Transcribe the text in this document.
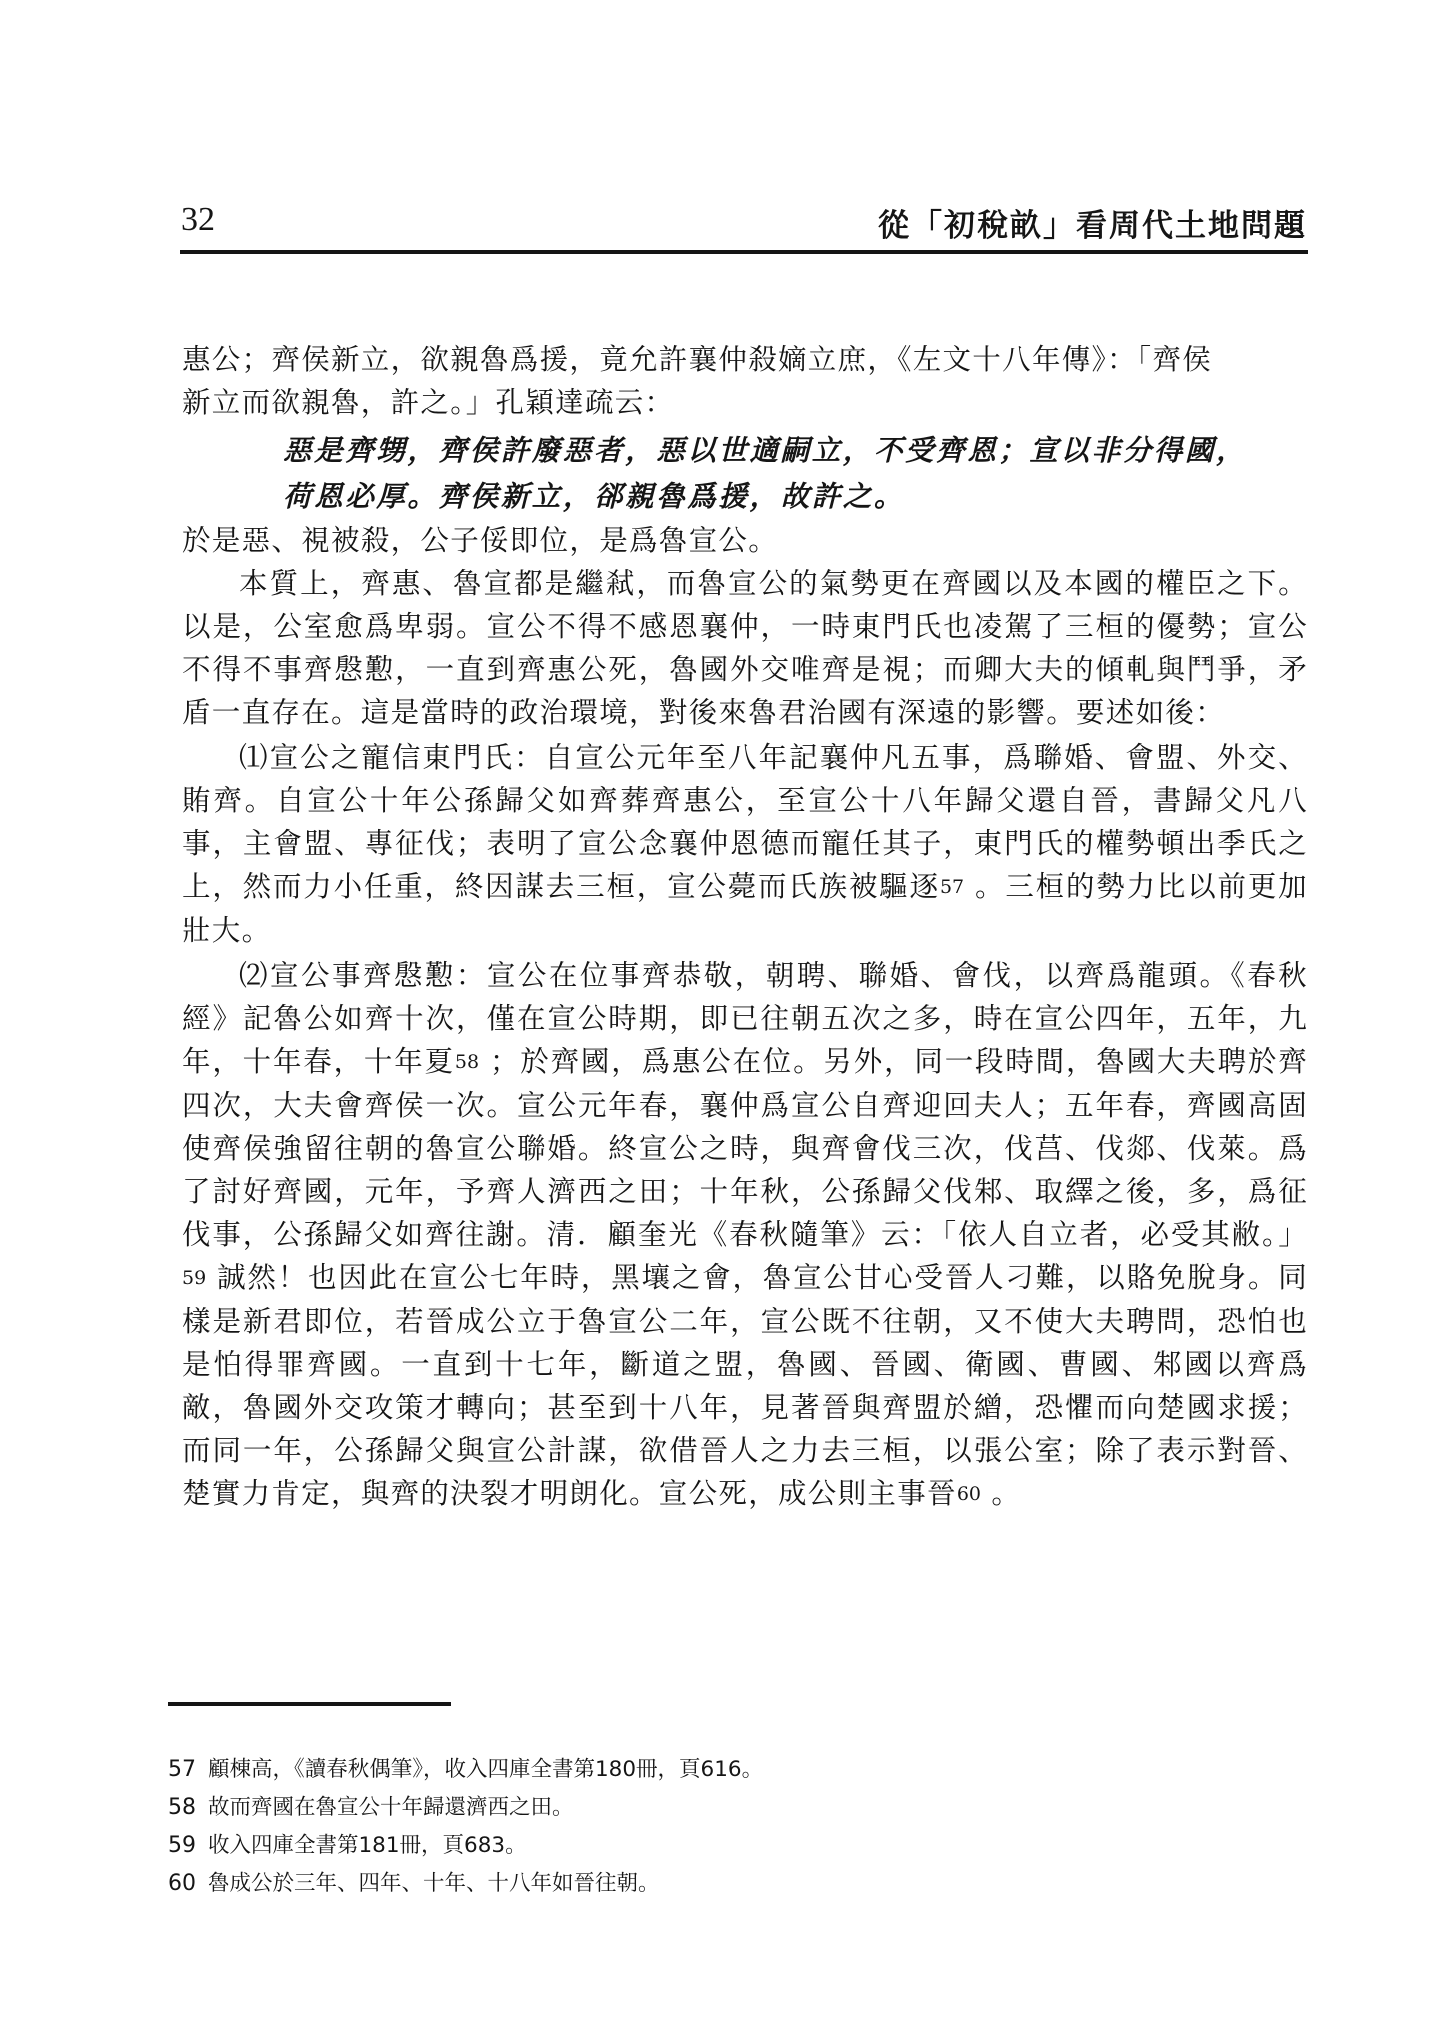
32	從「初稅畝」看周代土地問題

惠公；齊侯新立，欲親魯爲援，竟允許襄仲殺嫡立庶，《左文十八年傳》：「齊侯

新立而欲親魯，許之。」孔穎達疏云：

惡是齊甥，齊侯許廢惡者，惡以世適嗣立，不受齊恩；宣以非分得國，

荷恩必厚。齊侯新立，郤親魯爲援，故許之。

於是惡、視被殺，公子俀即位，是爲魯宣公。

本質上，齊惠、魯宣都是繼弒，而魯宣公的氣勢更在齊國以及本國的權臣之下。以是，公室愈爲卑弱。宣公不得不感恩襄仲，一時東門氏也凌駕了三桓的優勢；宣公不得不事齊慇懃，一直到齊惠公死，魯國外交唯齊是視；而卿大夫的傾軋與鬥爭，矛盾一直存在。這是當時的政治環境，對後來魯君治國有深遠的影響。要述如後：

⑴宣公之寵信東門氏：自宣公元年至八年記襄仲凡五事，爲聯婚、會盟、外交、賄齊。自宣公十年公孫歸父如齊葬齊惠公，至宣公十八年歸父還自晉，書歸父凡八事，主會盟、專征伐；表明了宣公念襄仲恩德而寵任其子，東門氏的權勢頓出季氏之上，然而力小任重，終因謀去三桓，宣公薨而氏族被驅逐57 。三桓的勢力比以前更加壯大。

⑵宣公事齊慇懃：宣公在位事齊恭敬，朝聘、聯婚、會伐，以齊爲龍頭。《春秋經》記魯公如齊十次，僅在宣公時期，即已往朝五次之多，時在宣公四年，五年，九年，十年春，十年夏58 ；於齊國，爲惠公在位。另外，同一段時間，魯國大夫聘於齊四次，大夫會齊侯一次。宣公元年春，襄仲爲宣公自齊迎回夫人；五年春，齊國高固使齊侯強留往朝的魯宣公聯婚。終宣公之時，與齊會伐三次，伐莒、伐郯、伐萊。爲了討好齊國，元年，予齊人濟西之田；十年秋，公孫歸父伐邾、取繹之後，多，爲征伐事，公孫歸父如齊往謝。清．顧奎光《春秋隨筆》云：「依人自立者，必受其敝。」59 誠然！也因此在宣公七年時，黑壤之會，魯宣公甘心受晉人刁難，以賂免脫身。同樣是新君即位，若晉成公立于魯宣公二年，宣公既不往朝，又不使大夫聘問，恐怕也是怕得罪齊國。一直到十七年，斷道之盟，魯國、晉國、衛國、曹國、邾國以齊爲敵，魯國外交攻策才轉向；甚至到十八年，見著晉與齊盟於繒，恐懼而向楚國求援；而同一年，公孫歸父與宣公計謀，欲借晉人之力去三桓，以張公室；除了表示對晉、楚實力肯定，與齊的決裂才明朗化。宣公死，成公則主事晉60 。

57 顧棟高，《讀春秋偶筆》，收入四庫全書第180冊，頁616。
58 故而齊國在魯宣公十年歸還濟西之田。
59 收入四庫全書第181冊，頁683。
60 魯成公於三年、四年、十年、十八年如晉往朝。
